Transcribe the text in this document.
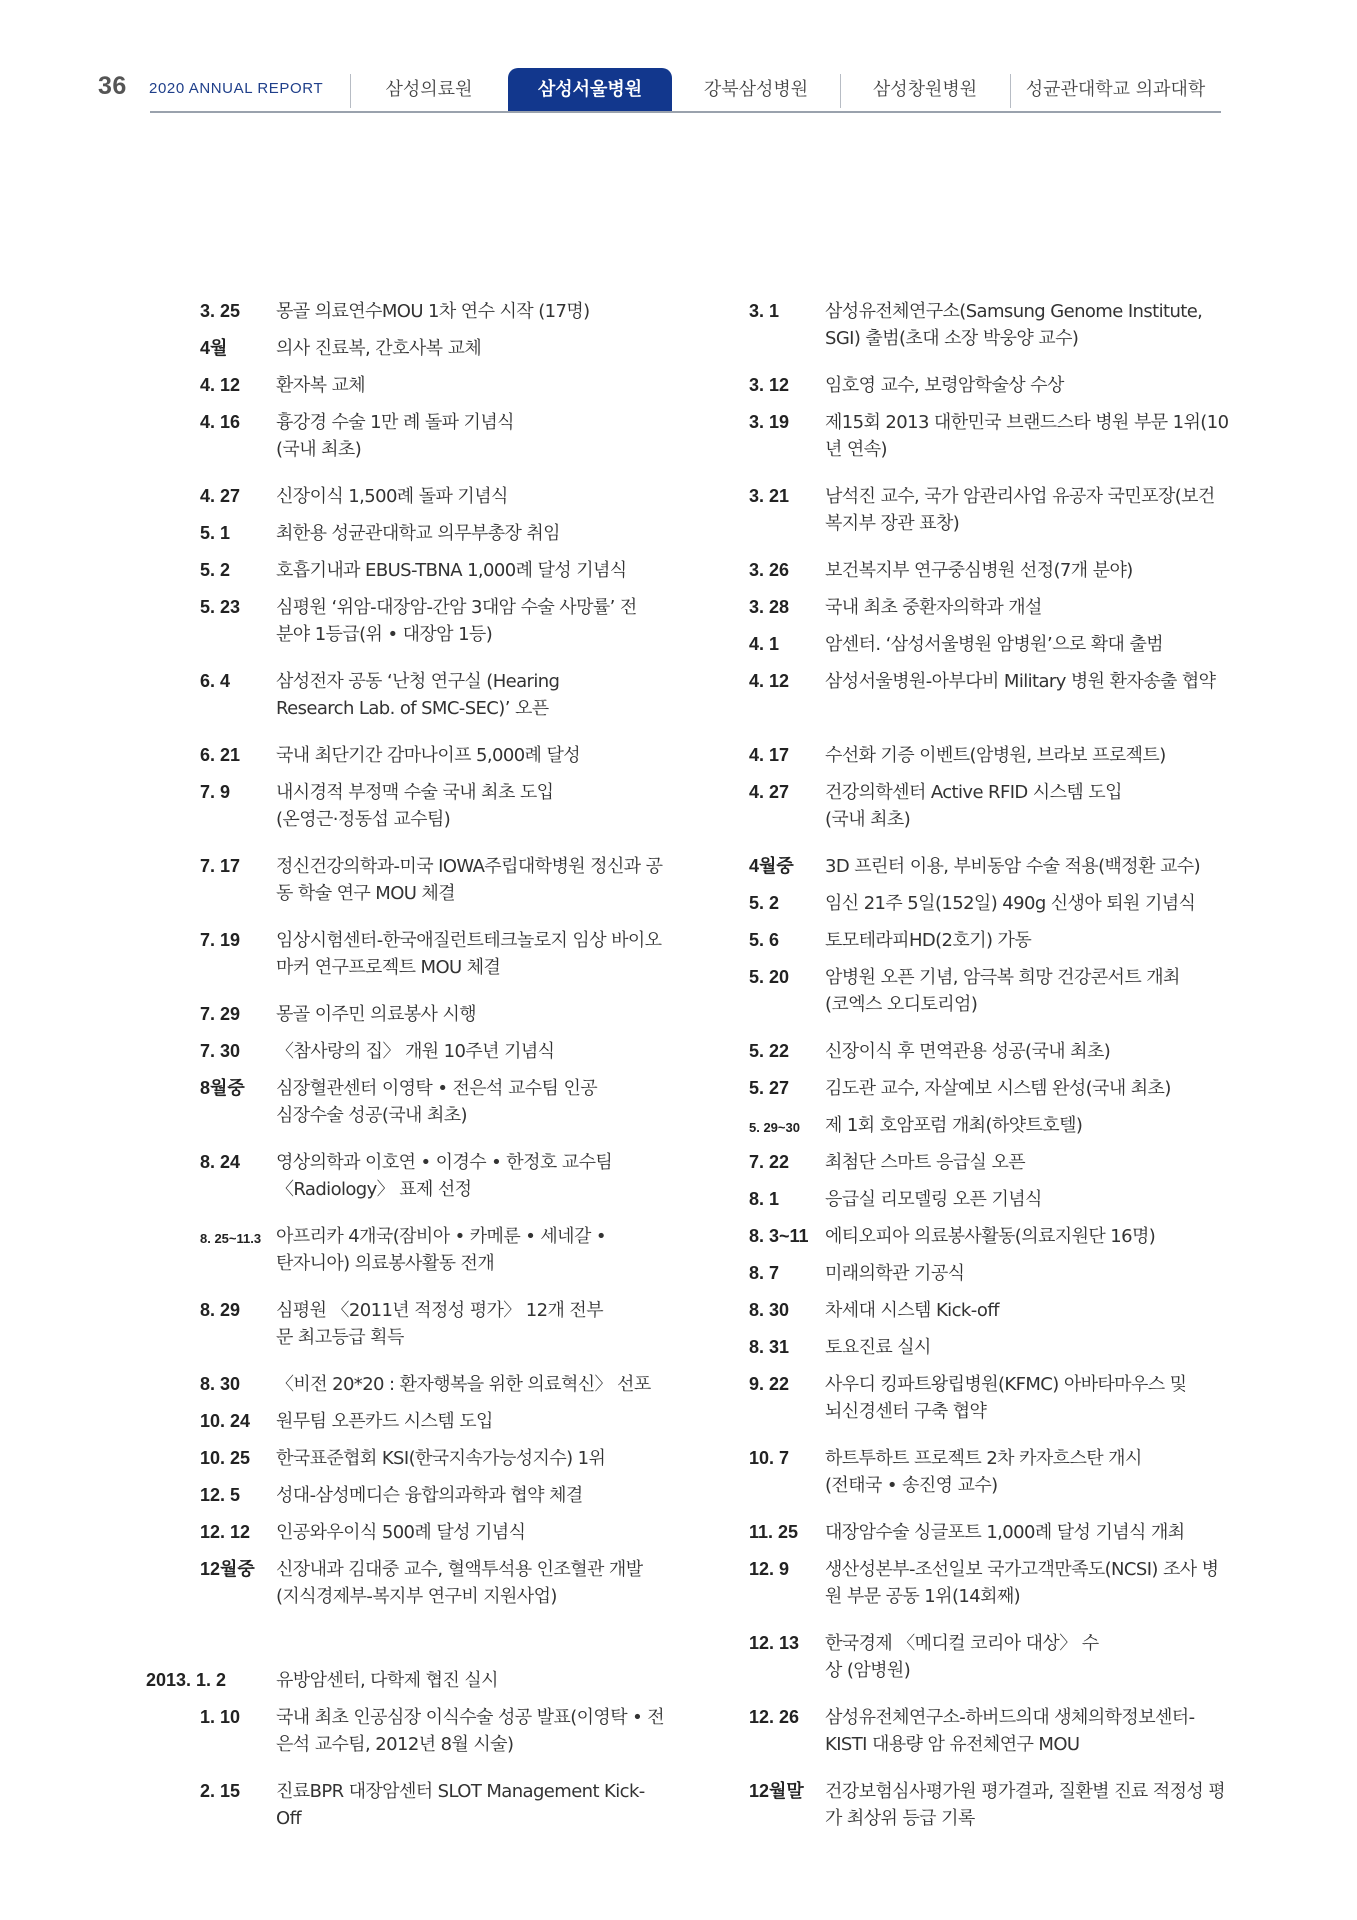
36 2020 ANNUAL REPORT	삼성의료원	삼성서울병원	강북삼성병원	삼성창원병원	성균관대학교 의과대학
3. 25 몽골 의료연수MOU 1차 연수 시작 (17명)
4월	의사 진료복, 간호사복 교체
4. 12 환자복 교체
4. 16 흉강경 수술 1만 례 돌파 기념식 (국내 최초)
4. 27 신장이식 1,500례 돌파 기념식
5. 1	최한용 성균관대학교 의무부총장 취임
5. 2	호흡기내과 EBUS-TBNA 1,000례 달성 기념식
5. 23 심평원 ‘위암-대장암-간암 3대암 수술 사망률’ 전 분야 1등급(위 • 대장암 1등)
6. 4	삼성전자 공동 ‘난청 연구실 (Hearing Research Lab. of SMC-SEC)’ 오픈
6. 21 국내 최단기간 감마나이프 5,000례 달성
7. 9	내시경적 부정맥 수술 국내 최초 도입 (온영근·정동섭 교수팀)
7. 17 정신건강의학과-미국 IOWA주립대학병원 정신과 공동 학술 연구 MOU 체결
7. 19 임상시험센터-한국애질런트테크놀로지 임상 바이오마커 연구프로젝트 MOU 체결
7. 29 몽골 이주민 의료봉사 시행
7. 30 〈참사랑의 집〉 개원 10주년 기념식
8월중 심장혈관센터 이영탁 • 전은석 교수팀 인공심장수술 성공(국내 최초)
8. 24 영상의학과 이호연 • 이경수 • 한정호 교수팀 〈Radiology〉 표제 선정
8. 25~11.3 아프리카 4개국(잠비아 • 카메룬 • 세네갈 • 탄자니아) 의료봉사활동 전개
8. 29 심평원 〈2011년 적정성 평가〉 12개 전부문 최고등급 획득
8. 30 〈비전 20*20 : 환자행복을 위한 의료혁신〉 선포
10. 24 원무팀 오픈카드 시스템 도입
10. 25 한국표준협회 KSI(한국지속가능성지수) 1위
12. 5 성대-삼성메디슨 융합의과학과 협약 체결
12. 12 인공와우이식 500례 달성 기념식
12월중 신장내과 김대중 교수, 혈액투석용 인조혈관 개발 (지식경제부-복지부 연구비 지원사업)
2013. 1. 2	유방암센터, 다학제 협진 실시
1. 10 국내 최초 인공심장 이식수술 성공 발표(이영탁 • 전은석 교수팀, 2012년 8월 시술)
2. 15 진료BPR 대장암센터 SLOT Management Kick-Off
3. 1	삼성유전체연구소(Samsung Genome Institute, SGI) 출범(초대 소장 박웅양 교수)
3. 12 임호영 교수, 보령암학술상 수상
3. 19 제15회 2013 대한민국 브랜드스타 병원 부문 1위(10년 연속)
3. 21 남석진 교수, 국가 암관리사업 유공자 국민포장(보건복지부 장관 표창)
3. 26 보건복지부 연구중심병원 선정(7개 분야)
3. 28 국내 최초 중환자의학과 개설
4. 1	암센터. ‘삼성서울병원 암병원’으로 확대 출범
4. 12 삼성서울병원-아부다비 Military 병원 환자송출 협약
4. 17 수선화 기증 이벤트(암병원, 브라보 프로젝트)
4. 27 건강의학센터 Active RFID 시스템 도입 (국내 최초)
4월중 3D 프린터 이용, 부비동암 수술 적용(백정환 교수)
5. 2	임신 21주 5일(152일) 490g 신생아 퇴원 기념식
5. 6	토모테라피HD(2호기) 가동
5. 20 암병원 오픈 기념, 암극복 희망 건강콘서트 개최 (코엑스 오디토리엄)
5. 22 신장이식 후 면역관용 성공(국내 최초)
5. 27 김도관 교수, 자살예보 시스템 완성(국내 최초)
5. 29~30 제 1회 호암포럼 개최(하얏트호텔)
7. 22 최첨단 스마트 응급실 오픈
8. 1	응급실 리모델링 오픈 기념식
8. 3~11 에티오피아 의료봉사활동(의료지원단 16명)
8. 7	미래의학관 기공식
8. 30 차세대 시스템 Kick-off
8. 31 토요진료 실시
9. 22 사우디 킹파트왕립병원(KFMC) 아바타마우스 및 뇌신경센터 구축 협약
10. 7 하트투하트 프로젝트 2차 카자흐스탄 개시 (전태국 • 송진영 교수)
11. 25 대장암수술 싱글포트 1,000례 달성 기념식 개최
12. 9 생산성본부-조선일보 국가고객만족도(NCSI) 조사 병원 부문 공동 1위(14회째)
12. 13 한국경제 〈메디컬 코리아 대상〉 수상 (암병원)
12. 26 삼성유전체연구소-하버드의대 생체의학정보센터-KISTI 대용량 암 유전체연구 MOU
12월말 건강보험심사평가원 평가결과, 질환별 진료 적정성 평가 최상위 등급 기록
